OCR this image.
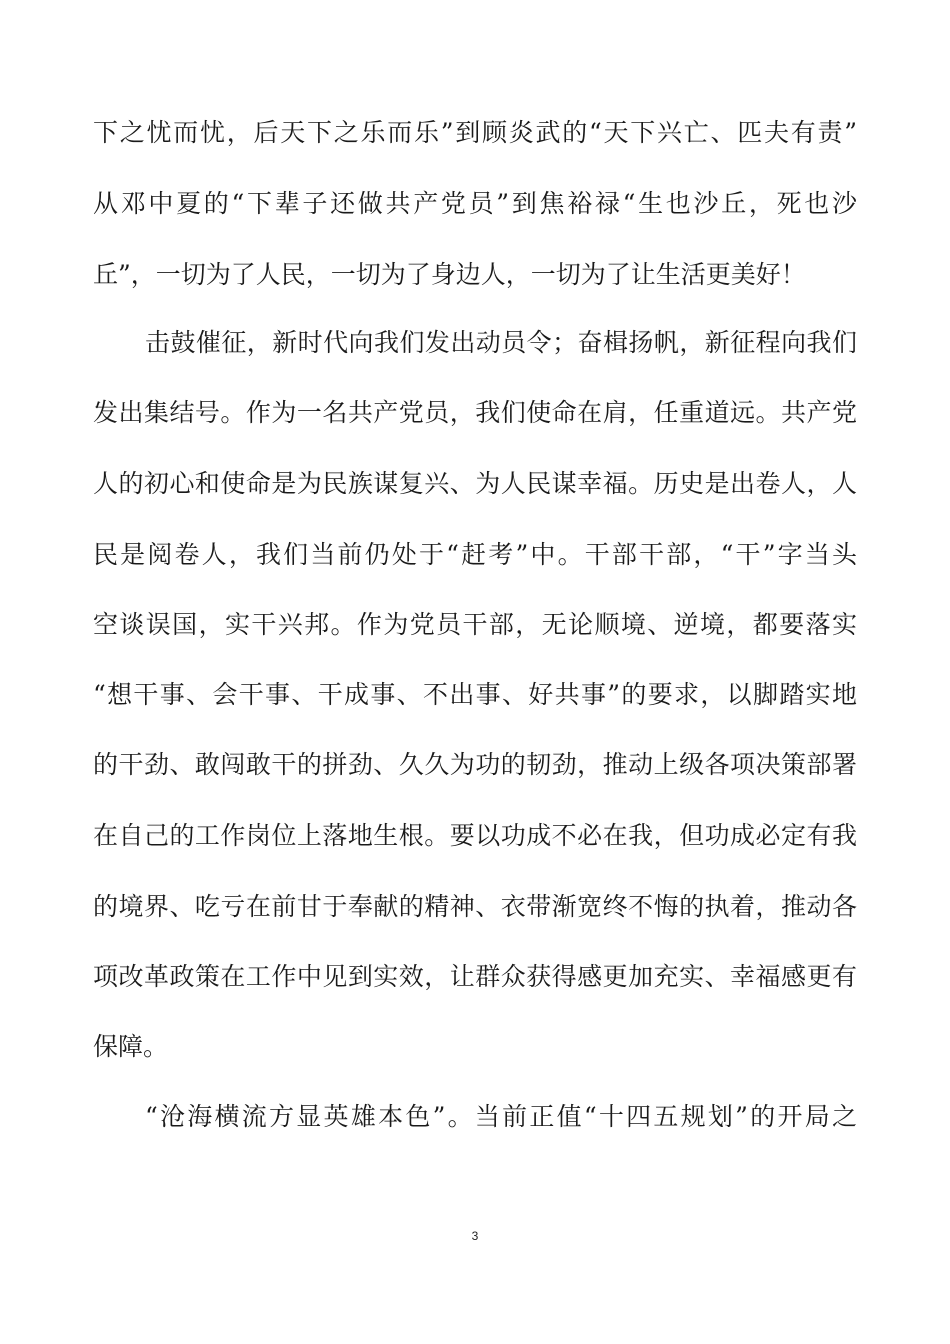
下之忧而忧，后天下之乐而乐”到顾炎武的“天下兴亡、匹夫有责”
从邓中夏的“下辈子还做共产党员”到焦裕禄“生也沙丘，死也沙
丘”，一切为了人民，一切为了身边人，一切为了让生活更美好！
击鼓催征，新时代向我们发出动员令；奋楫扬帆，新征程向我们
发出集结号。作为一名共产党员，我们使命在肩，任重道远。共产党
人的初心和使命是为民族谋复兴、为人民谋幸福。历史是出卷人，人
民是阅卷人，我们当前仍处于“赶考”中。干部干部，“干”字当头
空谈误国，实干兴邦。作为党员干部，无论顺境、逆境，都要落实
“想干事、会干事、干成事、不出事、好共事”的要求，以脚踏实地
的干劲、敢闯敢干的拼劲、久久为功的韧劲，推动上级各项决策部署
在自己的工作岗位上落地生根。要以功成不必在我，但功成必定有我
的境界、吃亏在前甘于奉献的精神、衣带渐宽终不悔的执着，推动各
项改革政策在工作中见到实效，让群众获得感更加充实、幸福感更有
保障。
“沧海横流方显英雄本色”。当前正值“十四五规划”的开局之
3
